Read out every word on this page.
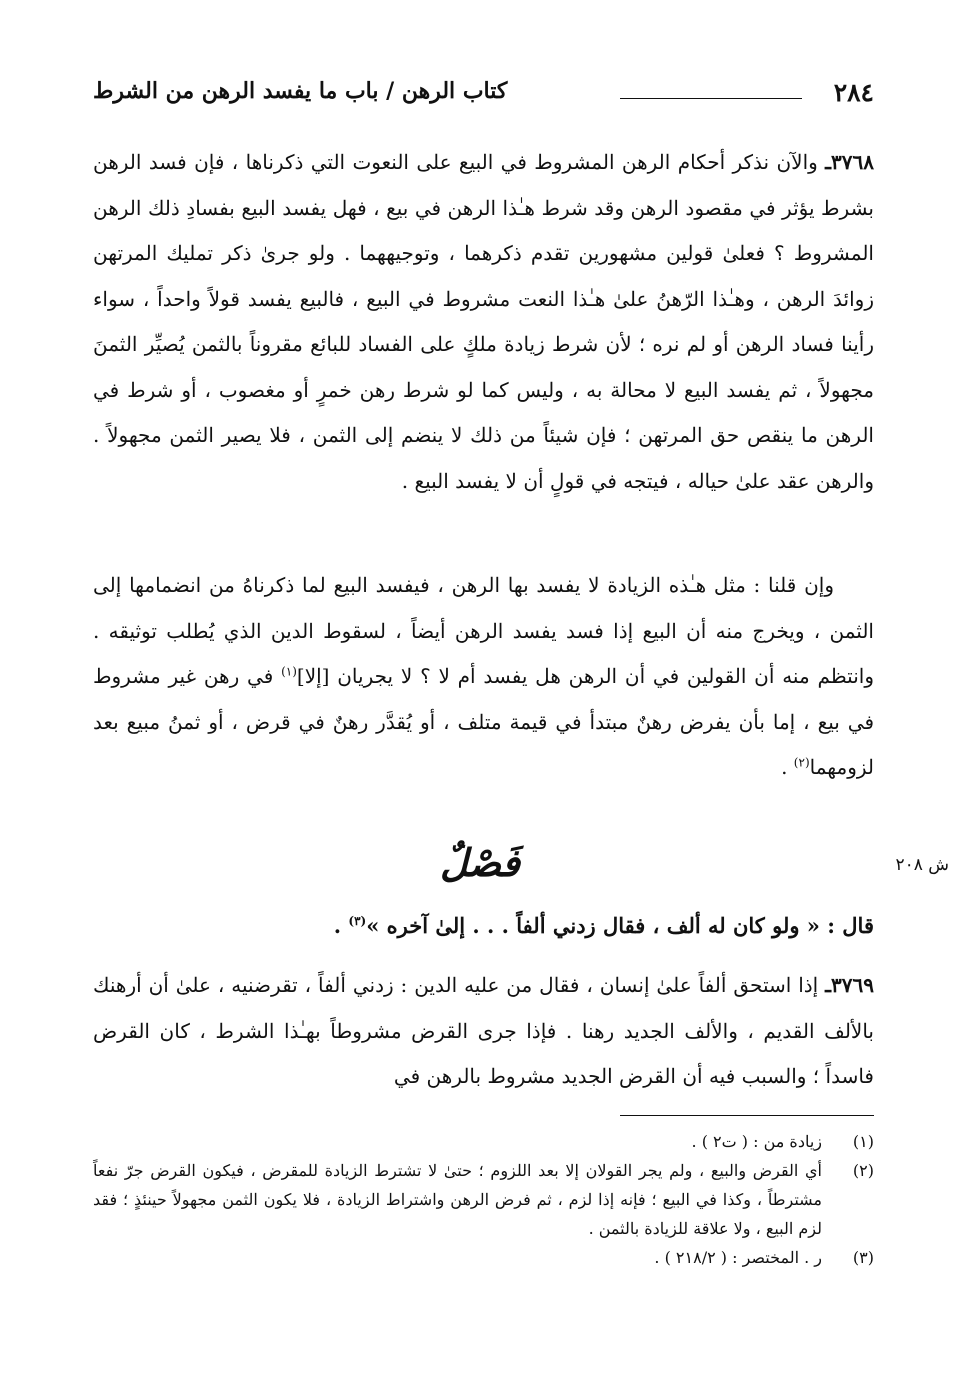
٢٨٤
كتاب الرهن / باب ما يفسد الرهن من الشرط

٣٧٦٨ـ والآن نذكر أحكام الرهن المشروط في البيع على النعوت التي ذكرناها ، فإن فسد الرهن بشرط يؤثر في مقصود الرهن وقد شرط هـٰذا الرهن في بيع ، فهل يفسد البيع بفسادِ ذلك الرهن المشروط ؟ فعلىٰ قولين مشهورين تقدم ذكرهما ، وتوجيههما . ولو جرىٰ ذكر تمليك المرتهن زوائدَ الرهن ، وهـٰذا الرّهنُ علىٰ هـٰذا النعت مشروط في البيع ، فالبيع يفسد قولاً واحداً ، سواء رأينا فساد الرهن أو لم نره ؛ لأن شرط زيادة ملكٍ على الفساد للبائع مقروناً بالثمن يُصيِّر الثمنَ مجهولاً ، ثم يفسد البيع لا محالة به ، وليس كما لو شرط رهن خمرٍ أو مغصوب ، أو شرط في الرهن ما ينقص حق المرتهن ؛ فإن شيئاً من ذلك لا ينضم إلى الثمن ، فلا يصير الثمن مجهولاً . والرهن عقد علىٰ حياله ، فيتجه في قولٍ أن لا يفسد البيع .

وإن قلنا : مثل هـٰذه الزيادة لا يفسد بها الرهن ، فيفسد البيع لما ذكرناهُ من انضمامها إلى الثمن ، ويخرج منه أن البيع إذا فسد يفسد الرهن أيضاً ، لسقوط الدين الذي يُطلب توثيقه . وانتظم منه أن القولين في أن الرهن هل يفسد أم لا ؟ لا يجريان [إلا]$^{(١)}$ في رهن غير مشروط في بيع ، إما بأن يفرض رهنٌ مبتدأ في قيمة متلف ، أو يُقدَّر رهنٌ في قرض ، أو ثمنُ مبيع بعد لزومهما$^{(٢)}$ .

فَصْلٌ	ش ٢٠٨
قال : « ولو كان له ألف ، فقال زدني ألفاً . . . إلىٰ آخره »$^{(٣)}$ .

٣٧٦٩ـ إذا استحق ألفاً علىٰ إنسان ، فقال من عليه الدين : زدني ألفاً ، تقرضنيه ، علىٰ أن أرهنك بالألف القديم ، والألف الجديد رهنا . فإذا جرى القرض مشروطاً بهـٰذا الشرط ، كان القرض فاسداً ؛ والسبب فيه أن القرض الجديد مشروط بالرهن في

(١)
زيادة من : ( ت٢ ) .
(٢)
أي القرض والبيع ، ولم يجر القولان إلا بعد اللزوم ؛ حتىٰ لا تشترط الزيادة للمقرض ، فيكون القرض جرّ نفعاً مشترطاً ، وكذا في البيع ؛ فإنه إذا لزم ، ثم فرض الرهن واشتراط الزيادة ، فلا يكون الثمن مجهولاً حينئذٍ ؛ فقد لزم البيع ، ولا علاقة للزيادة بالثمن .
(٣)
ر . المختصر : ( ٢١٨/٢ ) .
